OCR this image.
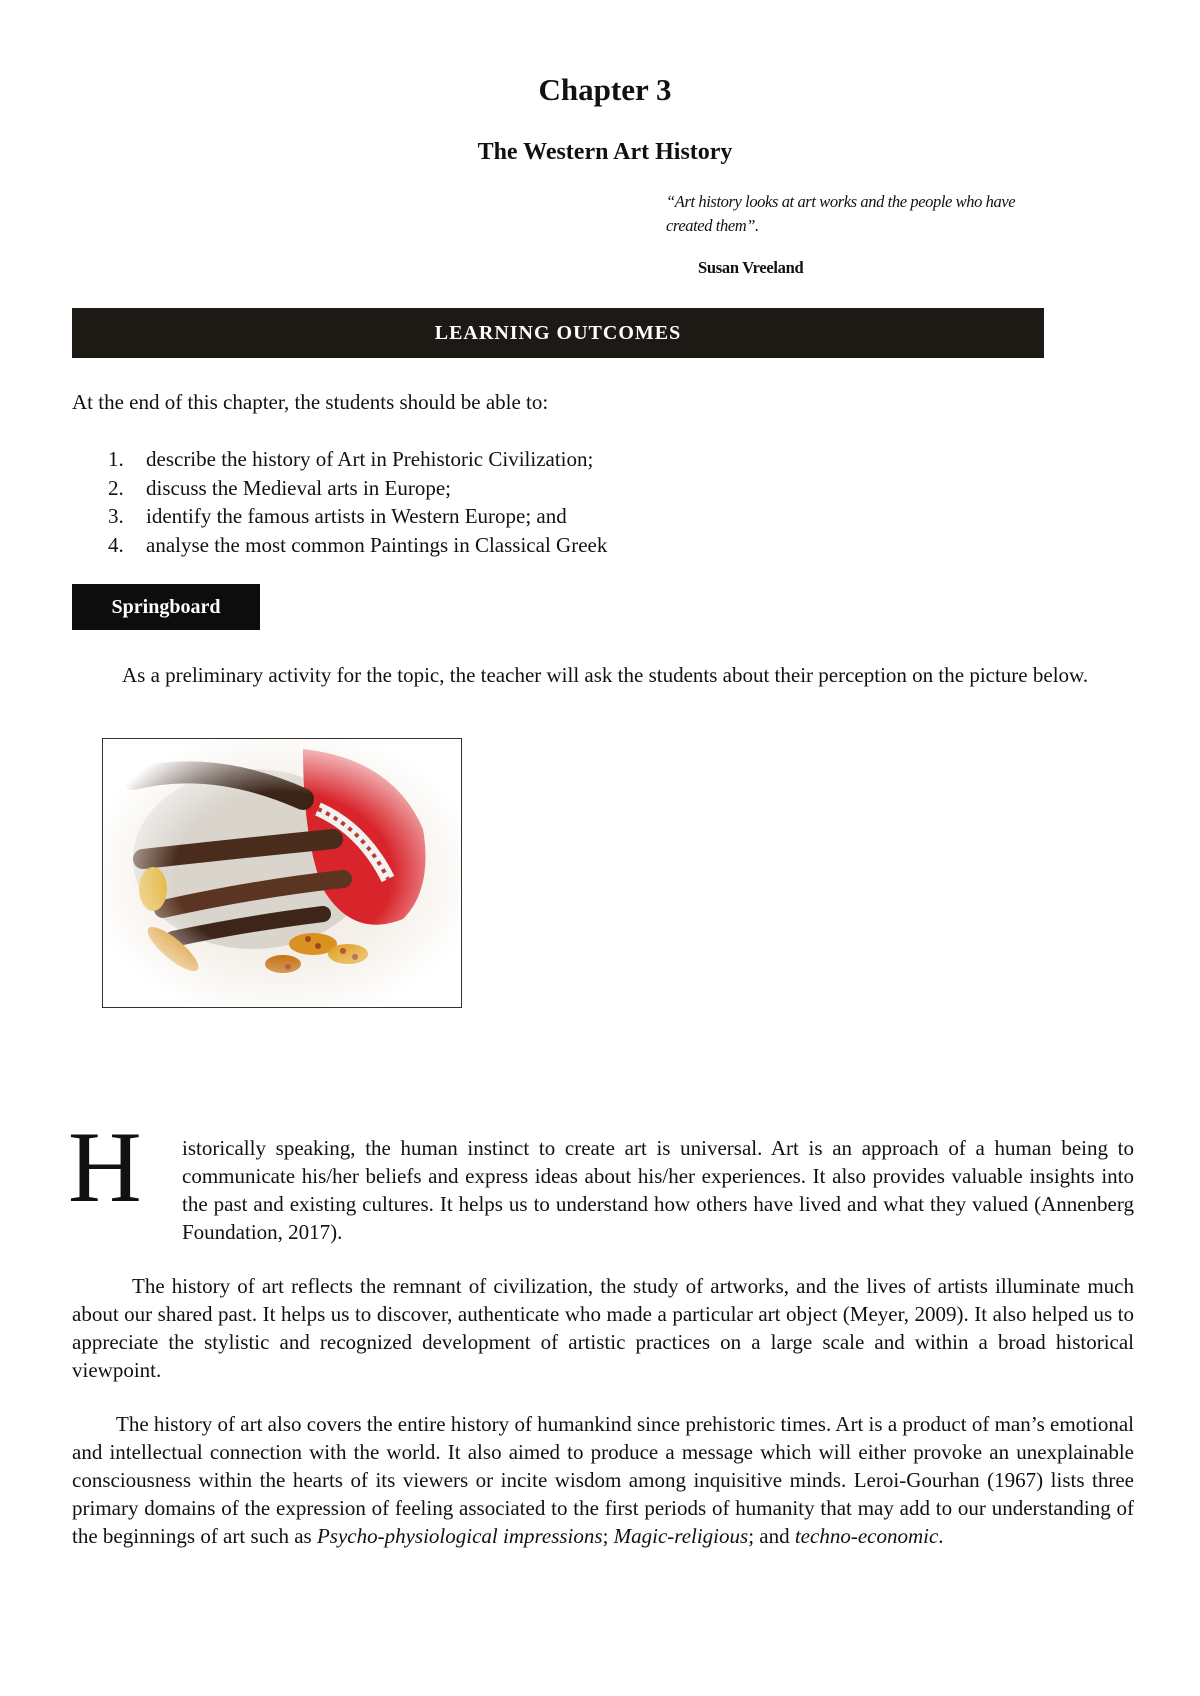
Chapter 3
The Western Art History
“Art history looks at art works and the people who have created them”.
Susan Vreeland
LEARNING OUTCOMES
At the end of this chapter, the students should be able to:
1. describe the history of Art in Prehistoric Civilization;
2. discuss the Medieval arts in Europe;
3. identify the famous artists in Western Europe; and
4. analyse the most common Paintings in Classical Greek
Springboard

As a preliminary activity for the topic, the teacher will ask the students about their perception on the picture below.

H istorically speaking, the human instinct to create art is universal. Art is an approach of a human being to communicate his/her beliefs and express ideas about his/her experiences. It also provides valuable insights into the past and existing cultures. It helps us to understand how others have lived and what they valued (Annenberg Foundation, 2017).

The history of art reflects the remnant of civilization, the study of artworks, and the lives of artists illuminate much about our shared past. It helps us to discover, authenticate who made a particular art object (Meyer, 2009). It also helped us to appreciate the stylistic and recognized development of artistic practices on a large scale and within a broad historical viewpoint.

The history of art also covers the entire history of humankind since prehistoric times. Art is a product of man’s emotional and intellectual connection with the world. It also aimed to produce a message which will either provoke an unexplainable consciousness within the hearts of its viewers or incite wisdom among inquisitive minds. Leroi-Gourhan (1967) lists three primary domains of the expression of feeling associated to the first periods of humanity that may add to our understanding of the beginnings of art such as Psycho-physiological impressions; Magic-religious; and techno-economic.
